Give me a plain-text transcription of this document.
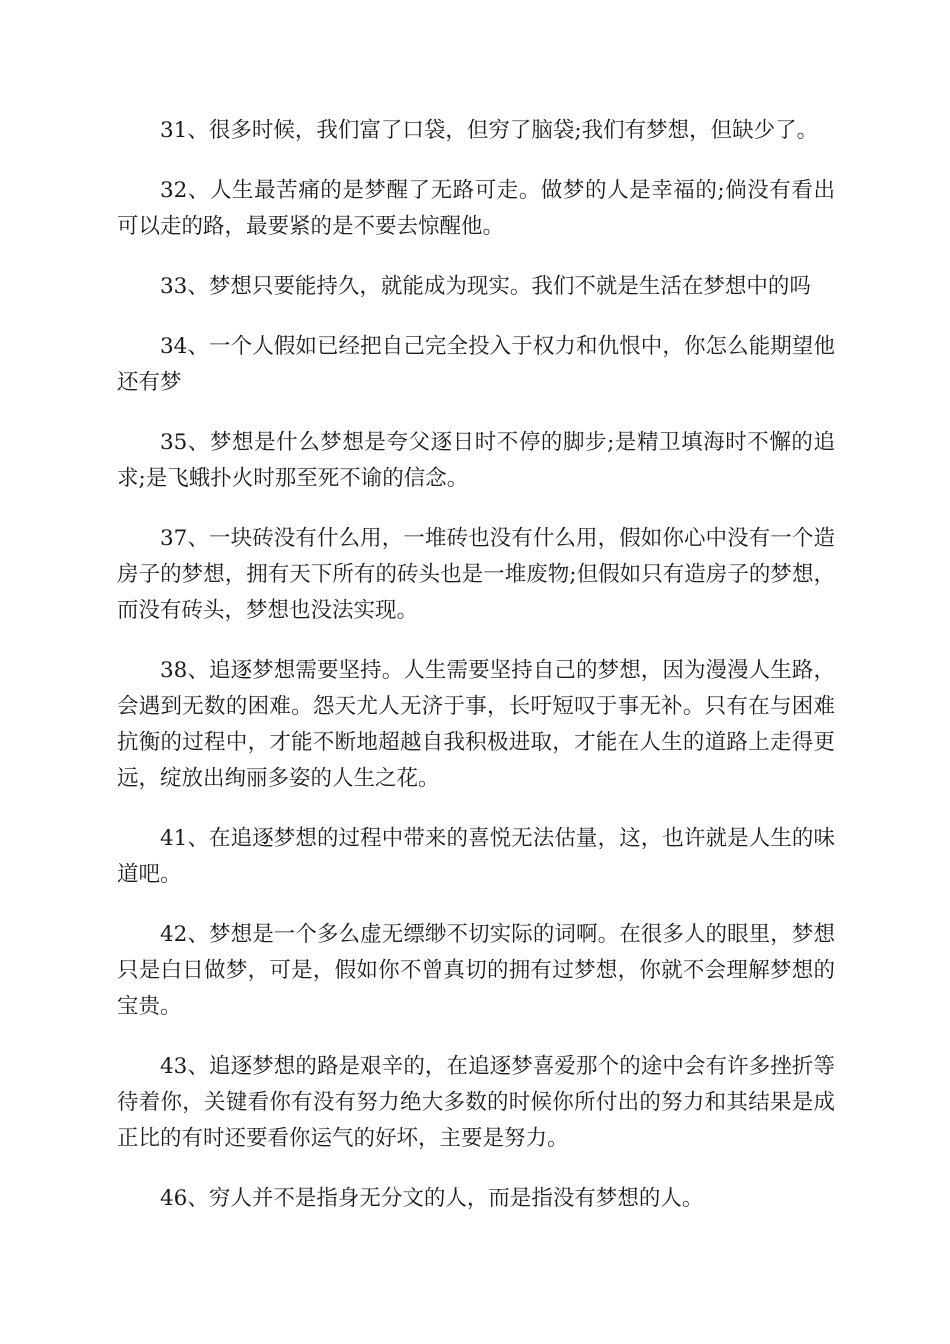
31、很多时候，我们富了口袋，但穷了脑袋;我们有梦想，但缺少了。

32、人生最苦痛的是梦醒了无路可走。做梦的人是幸福的;倘没有看出可以走的路，最要紧的是不要去惊醒他。

33、梦想只要能持久，就能成为现实。我们不就是生活在梦想中的吗

34、一个人假如已经把自己完全投入于权力和仇恨中，你怎么能期望他还有梦

35、梦想是什么梦想是夸父逐日时不停的脚步;是精卫填海时不懈的追求;是飞蛾扑火时那至死不谕的信念。

37、一块砖没有什么用，一堆砖也没有什么用，假如你心中没有一个造房子的梦想，拥有天下所有的砖头也是一堆废物;但假如只有造房子的梦想，而没有砖头，梦想也没法实现。

38、追逐梦想需要坚持。人生需要坚持自己的梦想，因为漫漫人生路，会遇到无数的困难。怨天尤人无济于事，长吁短叹于事无补。只有在与困难抗衡的过程中，才能不断地超越自我积极进取，才能在人生的道路上走得更远，绽放出绚丽多姿的人生之花。

41、在追逐梦想的过程中带来的喜悦无法估量，这，也许就是人生的味道吧。

42、梦想是一个多么虚无缥缈不切实际的词啊。在很多人的眼里，梦想只是白日做梦，可是，假如你不曾真切的拥有过梦想，你就不会理解梦想的宝贵。

43、追逐梦想的路是艰辛的，在追逐梦喜爱那个的途中会有许多挫折等待着你，关键看你有没有努力绝大多数的时候你所付出的努力和其结果是成正比的有时还要看你运气的好坏，主要是努力。

46、穷人并不是指身无分文的人，而是指没有梦想的人。
